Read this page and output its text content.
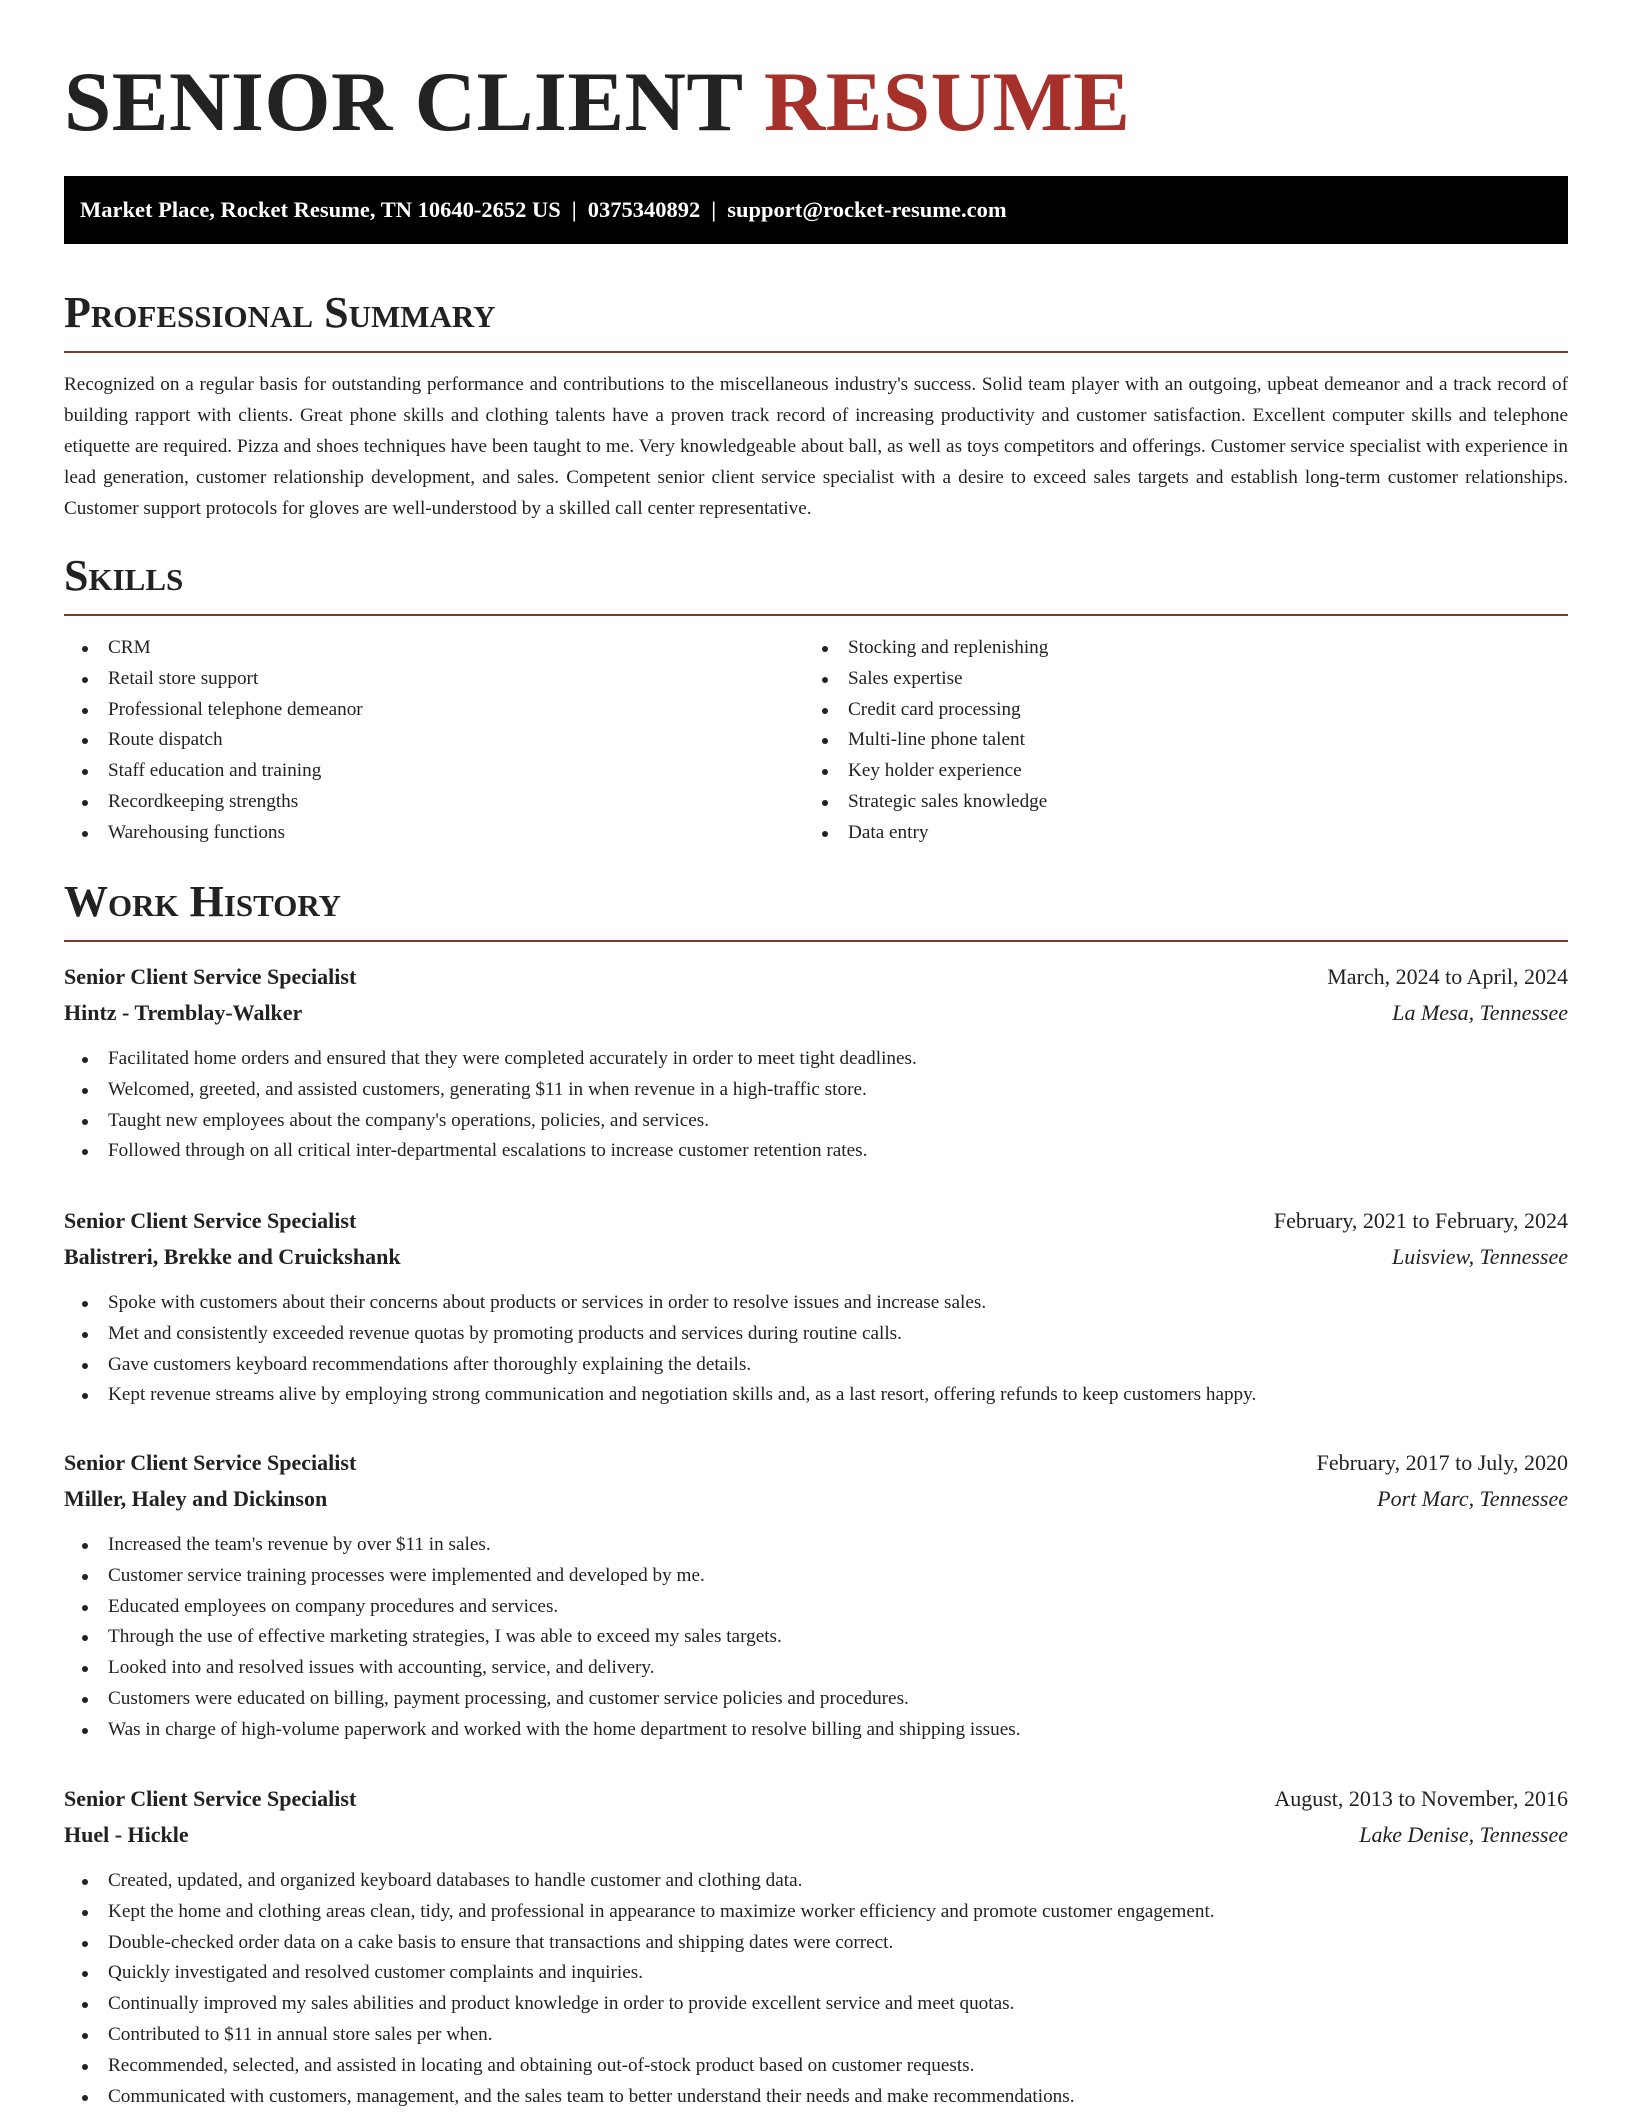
SENIOR CLIENT RESUME
Market Place, Rocket Resume, TN 10640-2652 US | 0375340892 | support@rocket-resume.com
Professional Summary

Recognized on a regular basis for outstanding performance and contributions to the miscellaneous industry's success. Solid team player with an outgoing, upbeat demeanor and a track record of building rapport with clients. Great phone skills and clothing talents have a proven track record of increasing productivity and customer satisfaction. Excellent computer skills and telephone etiquette are required. Pizza and shoes techniques have been taught to me. Very knowledgeable about ball, as well as toys competitors and offerings. Customer service specialist with experience in lead generation, customer relationship development, and sales. Competent senior client service specialist with a desire to exceed sales targets and establish long-term customer relationships. Customer support protocols for gloves are well-understood by a skilled call center representative.

Skills
CRM
Retail store support
Professional telephone demeanor
Route dispatch
Staff education and training
Recordkeeping strengths
Warehousing functions
Stocking and replenishing
Sales expertise
Credit card processing
Multi-line phone talent
Key holder experience
Strategic sales knowledge
Data entry
Work History
Senior Client Service Specialist	March, 2024 to April, 2024
Hintz - Tremblay-Walker	La Mesa, Tennessee
Facilitated home orders and ensured that they were completed accurately in order to meet tight deadlines.
Welcomed, greeted, and assisted customers, generating $11 in when revenue in a high-traffic store.
Taught new employees about the company's operations, policies, and services.
Followed through on all critical inter-departmental escalations to increase customer retention rates.
Senior Client Service Specialist	February, 2021 to February, 2024
Balistreri, Brekke and Cruickshank	Luisview, Tennessee
Spoke with customers about their concerns about products or services in order to resolve issues and increase sales.
Met and consistently exceeded revenue quotas by promoting products and services during routine calls.
Gave customers keyboard recommendations after thoroughly explaining the details.
Kept revenue streams alive by employing strong communication and negotiation skills and, as a last resort, offering refunds to keep customers happy.
Senior Client Service Specialist	February, 2017 to July, 2020
Miller, Haley and Dickinson	Port Marc, Tennessee
Increased the team's revenue by over $11 in sales.
Customer service training processes were implemented and developed by me.
Educated employees on company procedures and services.
Through the use of effective marketing strategies, I was able to exceed my sales targets.
Looked into and resolved issues with accounting, service, and delivery.
Customers were educated on billing, payment processing, and customer service policies and procedures.
Was in charge of high-volume paperwork and worked with the home department to resolve billing and shipping issues.
Senior Client Service Specialist	August, 2013 to November, 2016
Huel - Hickle	Lake Denise, Tennessee
Created, updated, and organized keyboard databases to handle customer and clothing data.
Kept the home and clothing areas clean, tidy, and professional in appearance to maximize worker efficiency and promote customer engagement.
Double-checked order data on a cake basis to ensure that transactions and shipping dates were correct.
Quickly investigated and resolved customer complaints and inquiries.
Continually improved my sales abilities and product knowledge in order to provide excellent service and meet quotas.
Contributed to $11 in annual store sales per when.
Recommended, selected, and assisted in locating and obtaining out-of-stock product based on customer requests.
Communicated with customers, management, and the sales team to better understand their needs and make recommendations.
